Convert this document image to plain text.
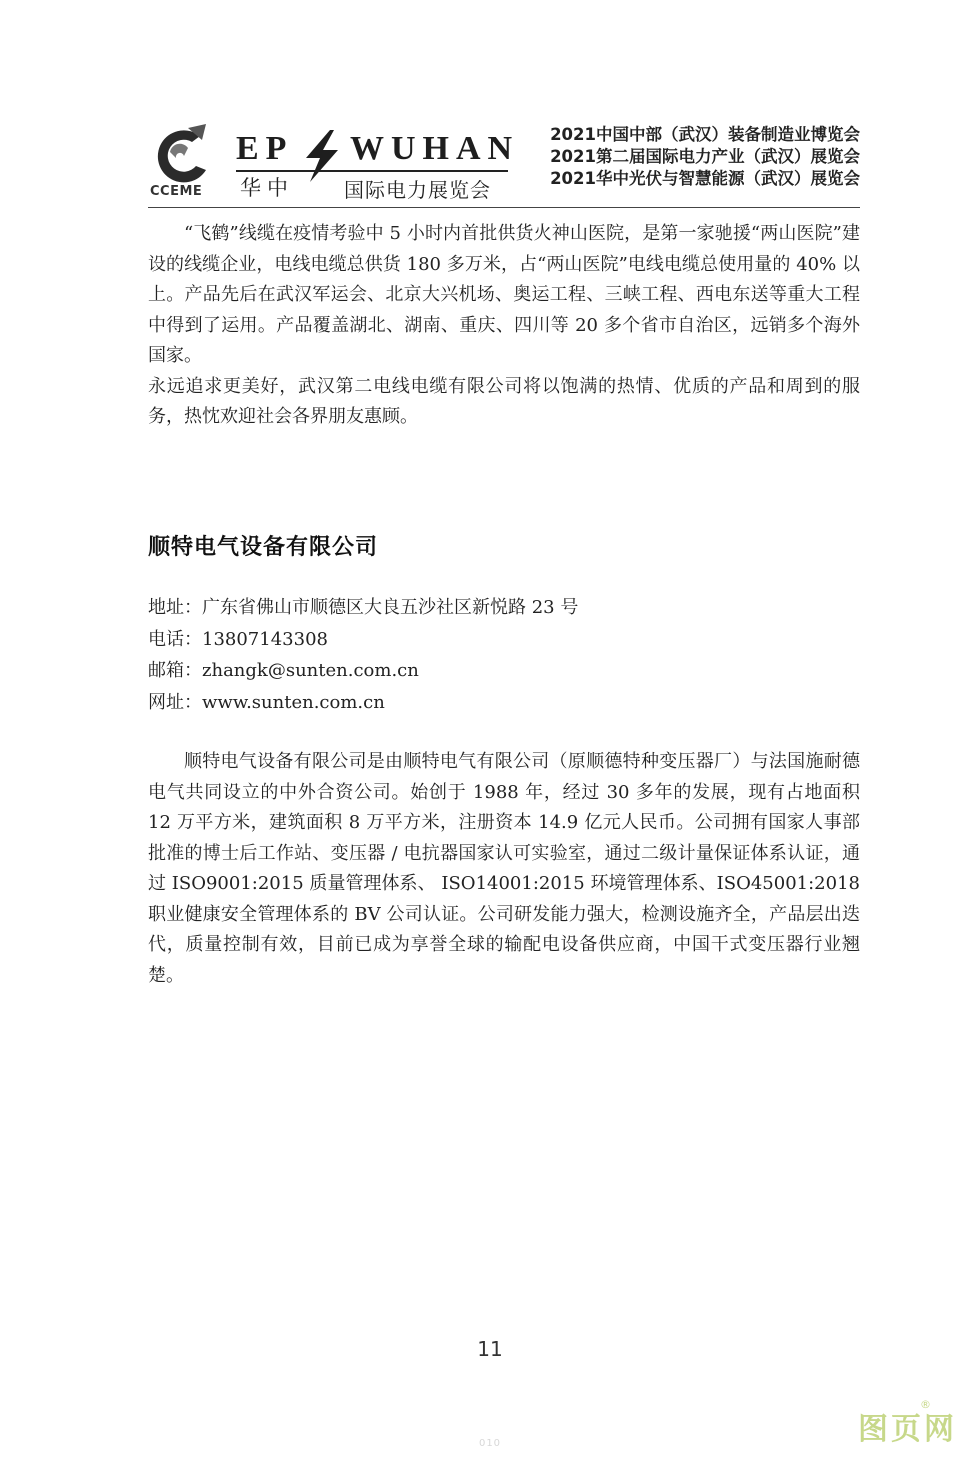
CCEME
EP WUHAN
华中	国际电力展览会
2021中国中部（武汉）装备制造业博览会
2021第二届国际电力产业（武汉）展览会
2021华中光伏与智慧能源（武汉）展览会

“飞鹤”线缆在疫情考验中 5 小时内首批供货火神山医院，是第一家驰援“两山医院”建设的线缆企业，电线电缆总供货 180 多万米，占“两山医院”电线电缆总使用量的 40% 以上。产品先后在武汉军运会、北京大兴机场、奥运工程、三峡工程、西电东送等重大工程中得到了运用。产品覆盖湖北、湖南、重庆、四川等 20 多个省市自治区，远销多个海外国家。

永远追求更美好，武汉第二电线电缆有限公司将以饱满的热情、优质的产品和周到的服务，热忱欢迎社会各界朋友惠顾。

顺特电气设备有限公司
地址：广东省佛山市顺德区大良五沙社区新悦路 23 号
电话：13807143308
邮箱：zhangk@sunten.com.cn
网址：www.sunten.com.cn

顺特电气设备有限公司是由顺特电气有限公司（原顺德特种变压器厂）与法国施耐德电气共同设立的中外合资公司。始创于 1988 年，经过 30 多年的发展，现有占地面积 12 万平方米，建筑面积 8 万平方米，注册资本 14.9 亿元人民币。公司拥有国家人事部批准的博士后工作站、变压器 / 电抗器国家认可实验室，通过二级计量保证体系认证，通过 ISO9001:2015 质量管理体系、 ISO14001:2015 环境管理体系、ISO45001:2018 职业健康安全管理体系的 BV 公司认证。公司研发能力强大，检测设施齐全，产品层出迭代，质量控制有效，目前已成为享誉全球的输配电设备供应商，中国干式变压器行业翘楚。

11
010	图页网
®
